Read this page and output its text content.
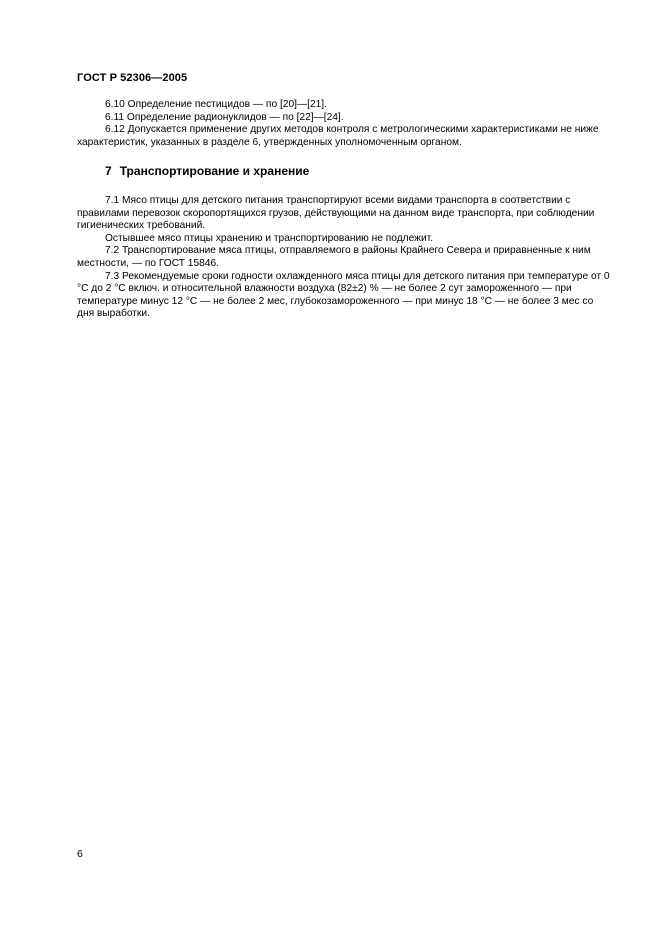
ГОСТ Р 52306—2005

6.10 Определение пестицидов — по [20]—[21].

6.11 Определение радионуклидов — по [22]—[24].

6.12 Допускается применение других методов контроля с метрологическими характеристиками не ниже характеристик, указанных в разделе 6, утвержденных уполномоченным органом.

7 Транспортирование и хранение

7.1 Мясо птицы для детского питания транспортируют всеми видами транспорта в соответствии с правилами перевозок скоропортящихся грузов, действующими на данном виде транспорта, при соблюдении гигиенических требований.

Остывшее мясо птицы хранению и транспортированию не подлежит.

7.2 Транспортирование мяса птицы, отправляемого в районы Крайнего Севера и приравненные к ним местности, — по ГОСТ 15846.

7.3 Рекомендуемые сроки годности охлажденного мяса птицы для детского питания при температуре от 0 °С до 2 °С включ. и относительной влажности воздуха (82±2) % — не более 2 сут замороженного — при температуре минус 12 °С — не более 2 мес, глубокозамороженного — при минус 18 °С — не более 3 мес со дня выработки.

6
